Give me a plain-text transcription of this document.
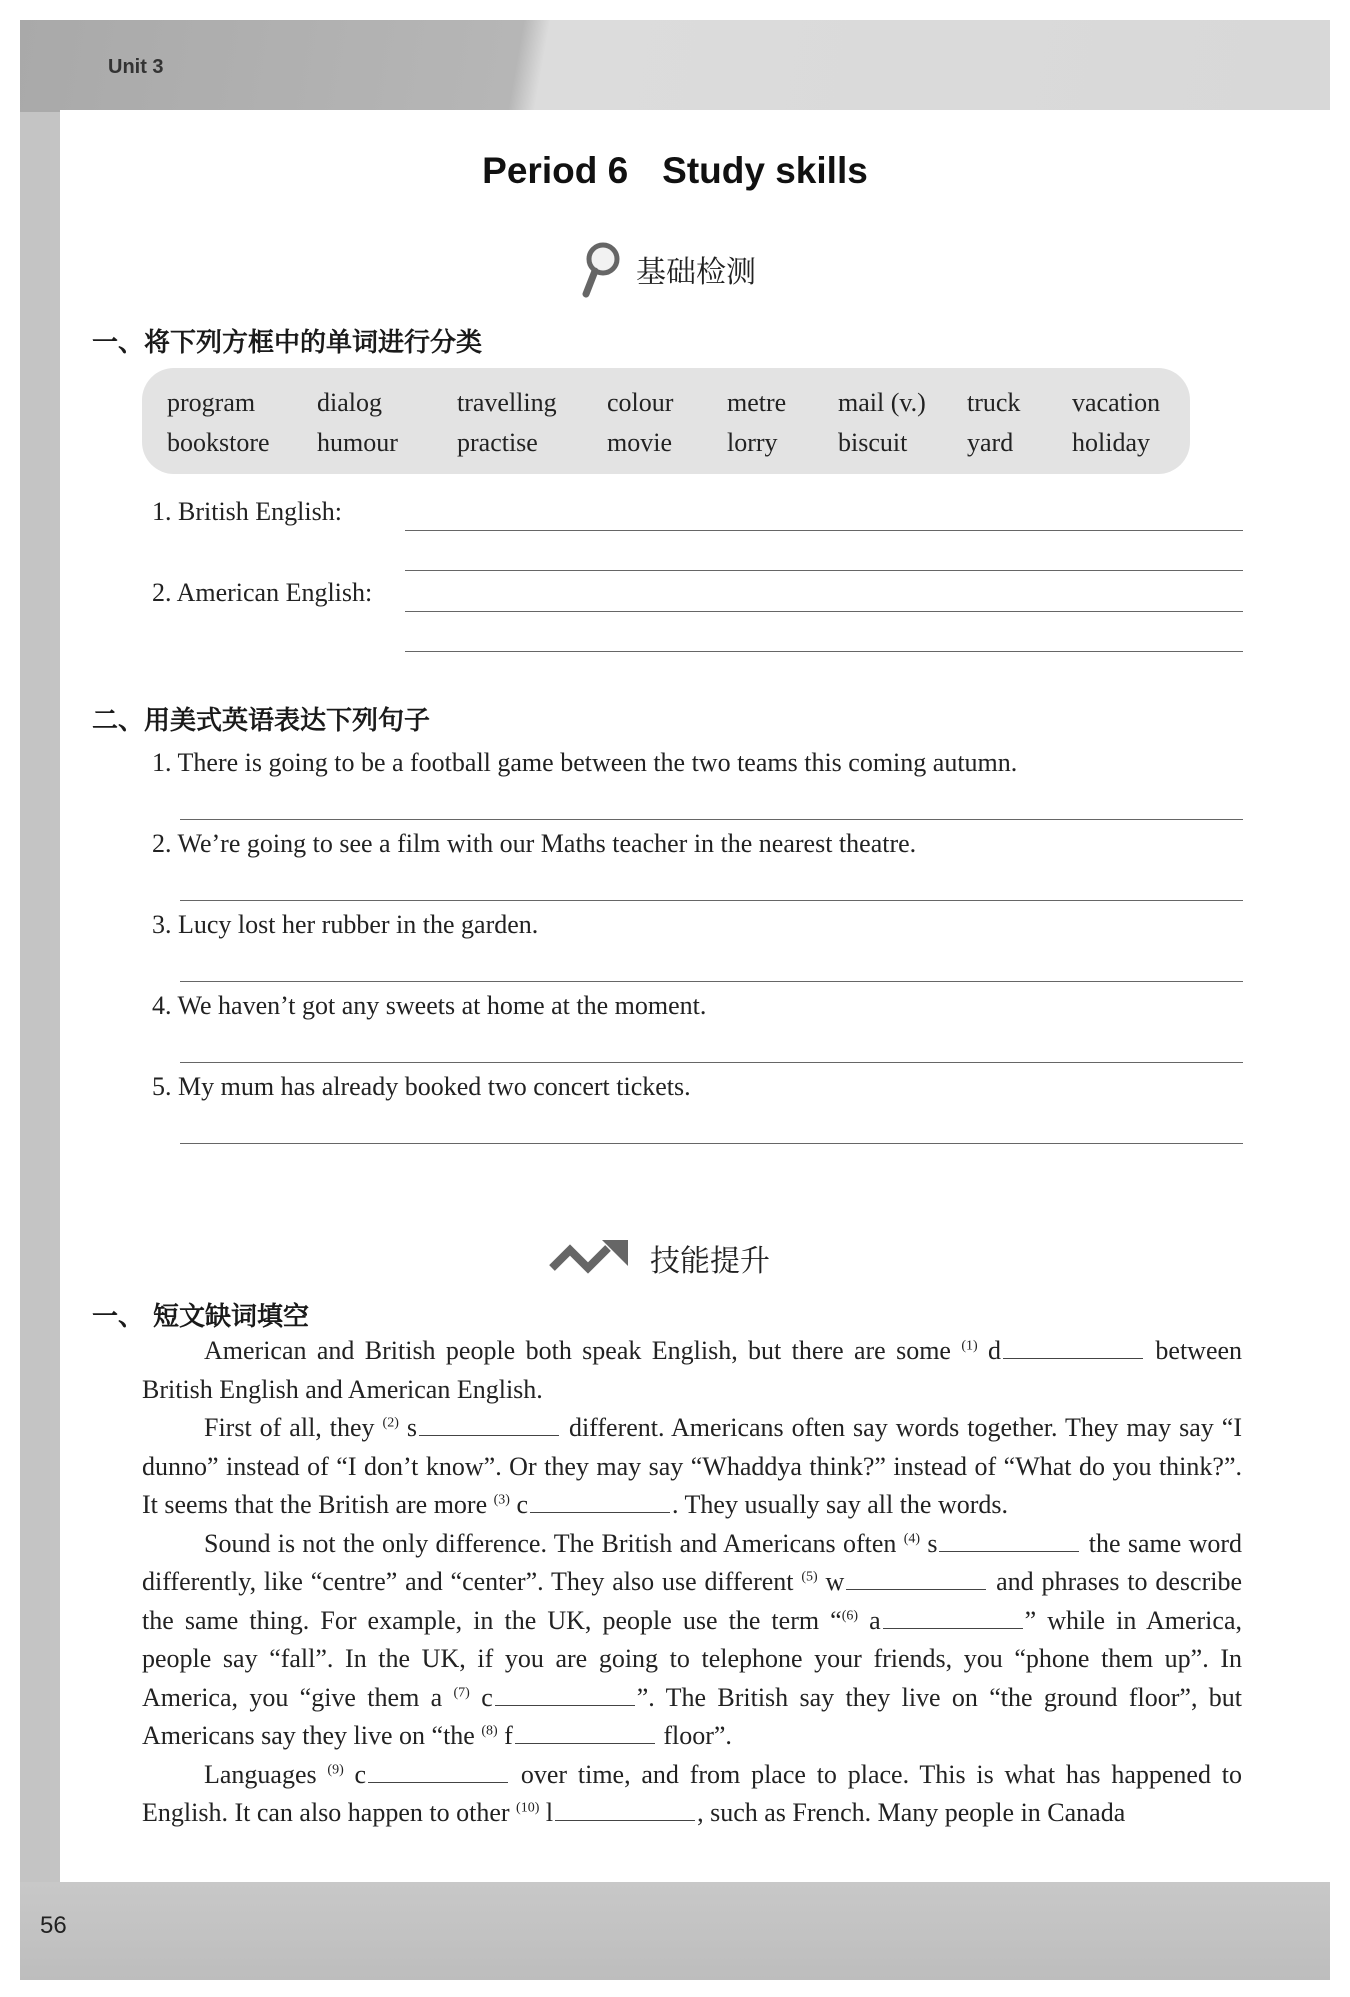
Unit 3
56
Period 6 Study skills
基础检测
一、将下列方框中的单词进行分类
program dialog	travelling colour metre mail (v.) truck vacation
bookstore humour practise	movie lorry biscuit yard holiday
1. British English:
2. American English:
二、用美式英语表达下列句子
1. There is going to be a football game between the two teams this coming autumn.
2. We’re going to see a film with our Maths teacher in the nearest theatre.
3. Lucy lost her rubber in the garden.
4. We haven’t got any sweets at home at the moment.
5. My mum has already booked two concert tickets.
技能提升
一、 短文缺词填空

American and British people both speak English, but there are some $^{(1)}$ d	between British English and American English.

First of all, they $^{(2)}$ s	different. Americans often say words together. They may say “I dunno” instead of “I don’t know”. Or they may say “Whaddya think?” instead of “What do you think?”. It seems that the British are more $^{(3)}$ c	. They usually say all the words.

Sound is not the only difference. The British and Americans often $^{(4)}$ s	the same word differently, like “centre” and “center”. They also use different $^{(5)}$ w	and phrases to describe the same thing. For example, in the UK, people use the term “$^{(6)}$ a	” while in America, people say “fall”. In the UK, if you are going to telephone your friends, you “phone them up”. In America, you “give them a $^{(7)}$ c	”. The British say they live on “the ground floor”, but Americans say they live on “the $^{(8)}$ f	floor”.

Languages $^{(9)}$ c	over time, and from place to place. This is what has happened to English. It can also happen to other $^{(10)}$ l	, such as French. Many people in Canada
